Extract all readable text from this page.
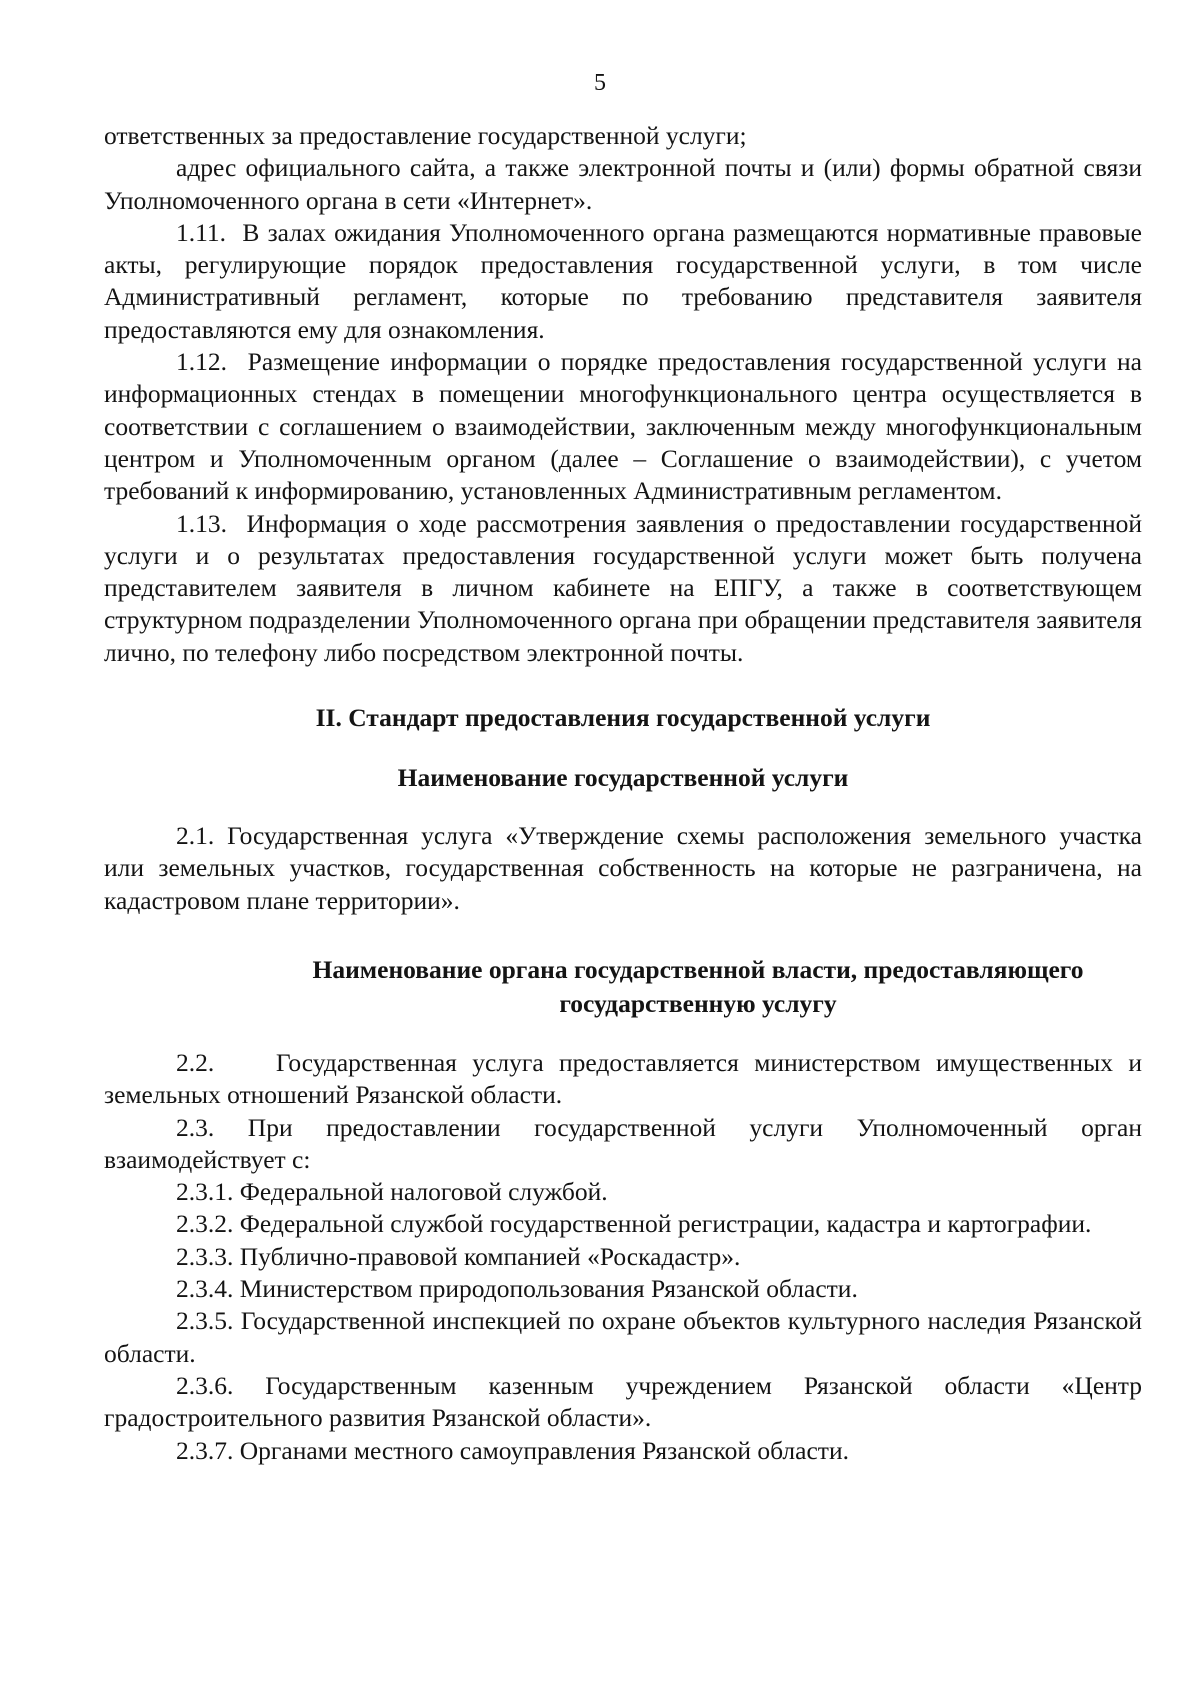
5

ответственных за предоставление государственной услуги;

адрес официального сайта, а также электронной почты и (или) формы обратной связи Уполномоченного органа в сети «Интернет».

1.11.  В залах ожидания Уполномоченного органа размещаются нормативные правовые акты, регулирующие порядок предоставления государственной услуги, в том числе Административный регламент, которые по требованию представителя заявителя предоставляются ему для ознакомления.

1.12.  Размещение информации о порядке предоставления государственной услуги на информационных стендах в помещении многофункционального центра осуществляется в соответствии с соглашением о взаимодействии, заключенным между многофункциональным центром и Уполномоченным органом (далее – Соглашение о взаимодействии), с учетом требований к информированию, установленных Административным регламентом.

1.13.  Информация о ходе рассмотрения заявления о предоставлении государственной услуги и о результатах предоставления государственной услуги может быть получена представителем заявителя в личном кабинете на ЕПГУ, а также в соответствующем структурном подразделении Уполномоченного органа при обращении представителя заявителя лично, по телефону либо посредством электронной почты.

II. Стандарт предоставления государственной услуги
Наименование государственной услуги

2.1. Государственная услуга «Утверждение схемы расположения земельного участка или земельных участков, государственная собственность на которые не разграничена, на кадастровом плане территории».

Наименование органа государственной власти, предоставляющего
государственную услугу

2.2.    Государственная услуга предоставляется министерством имущественных и земельных отношений Рязанской области.

2.3. При предоставлении государственной услуги Уполномоченный орган взаимодействует с:

2.3.1. Федеральной налоговой службой.

2.3.2. Федеральной службой государственной регистрации, кадастра и картографии.

2.3.3. Публично-правовой компанией «Роскадастр».

2.3.4. Министерством природопользования Рязанской области.

2.3.5. Государственной инспекцией по охране объектов культурного наследия Рязанской области.

2.3.6. Государственным казенным учреждением Рязанской области «Центр градостроительного развития Рязанской области».

2.3.7. Органами местного самоуправления Рязанской области.
